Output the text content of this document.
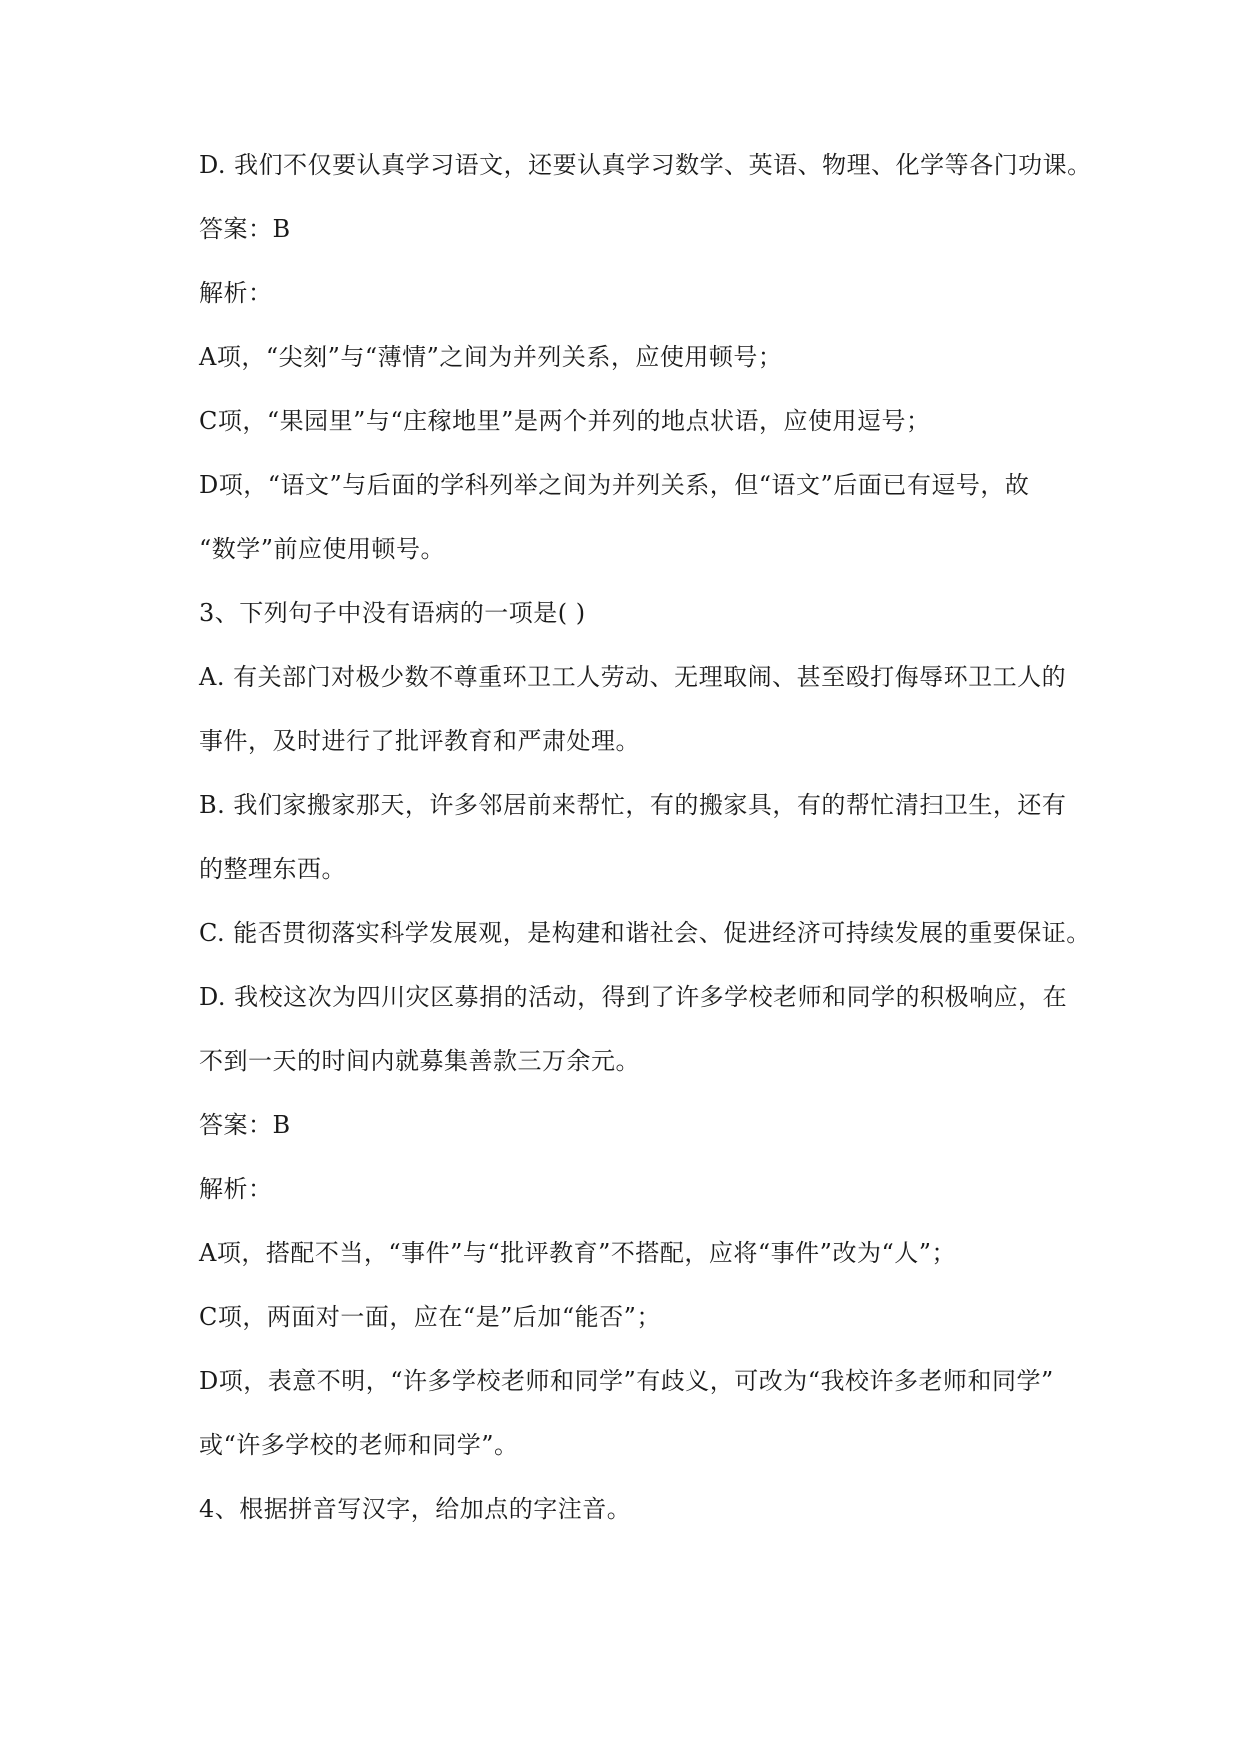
D. 我们不仅要认真学习语文，还要认真学习数学、英语、物理、化学等各门功课。
答案：B
解析：
A项，“尖刻”与“薄情”之间为并列关系，应使用顿号；
C项，“果园里”与“庄稼地里”是两个并列的地点状语，应使用逗号；
D项，“语文”与后面的学科列举之间为并列关系，但“语文”后面已有逗号，故
“数学”前应使用顿号。
3、下列句子中没有语病的一项是( )
A. 有关部门对极少数不尊重环卫工人劳动、无理取闹、甚至殴打侮辱环卫工人的
事件，及时进行了批评教育和严肃处理。
B. 我们家搬家那天，许多邻居前来帮忙，有的搬家具，有的帮忙清扫卫生，还有
的整理东西。
C. 能否贯彻落实科学发展观，是构建和谐社会、促进经济可持续发展的重要保证。
D. 我校这次为四川灾区募捐的活动，得到了许多学校老师和同学的积极响应，在
不到一天的时间内就募集善款三万余元。
答案：B
解析：
A项，搭配不当，“事件”与“批评教育”不搭配，应将“事件”改为“人”；
C项，两面对一面，应在“是”后加“能否”；
D项，表意不明，“许多学校老师和同学”有歧义，可改为“我校许多老师和同学”
或“许多学校的老师和同学”。
4、根据拼音写汉字，给加点的字注音。
